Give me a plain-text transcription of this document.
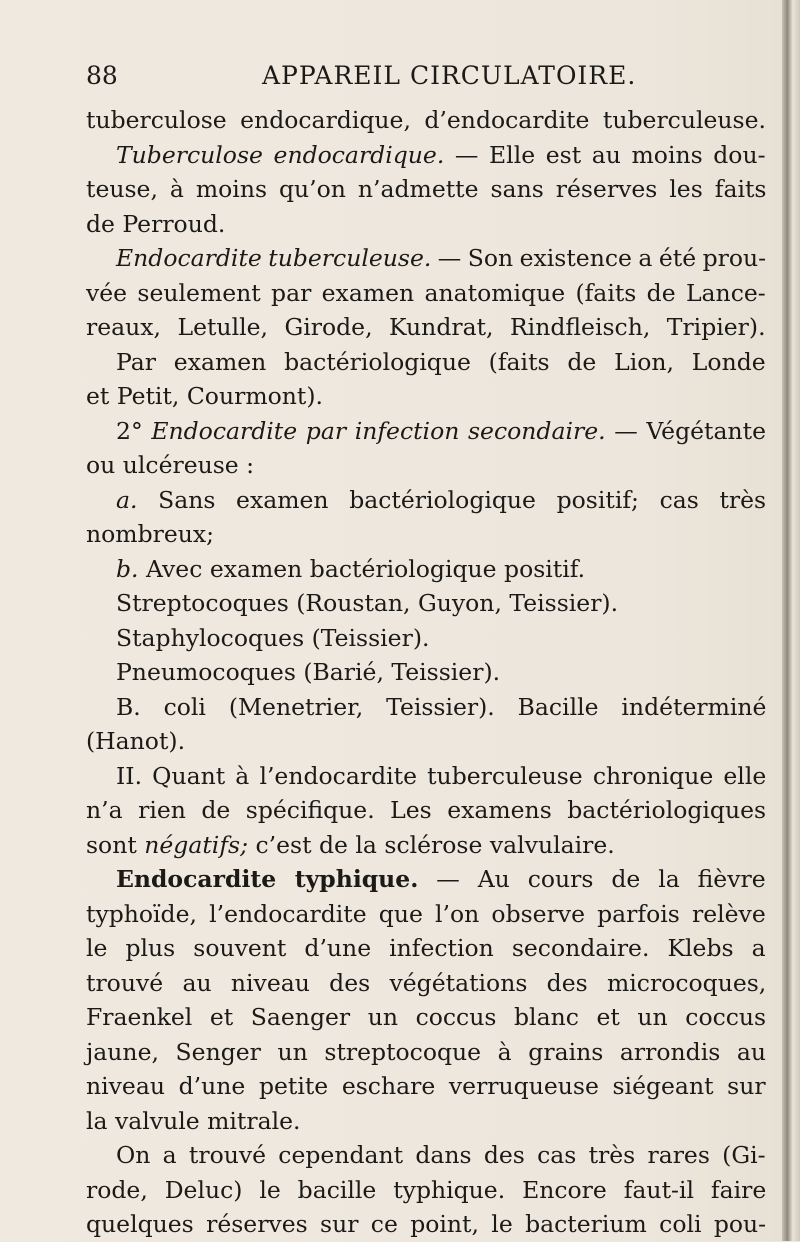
88	APPAREIL CIRCULATOIRE.
tuberculose endocardique, d’endocardite tuberculeuse.
Tuberculose endocardique. — Elle est au moins dou-
teuse, à moins qu’on n’admette sans réserves les faits
de Perroud.
Endocardite tuberculeuse. — Son existence a été prou-
vée seulement par examen anatomique (faits de Lance-
reaux, Letulle, Girode, Kundrat, Rindfleisch, Tripier).
Par examen bactériologique (faits de Lion, Londe
et Petit, Courmont).
2° Endocardite par infection secondaire. — Végétante
ou ulcéreuse :
a. Sans examen bactériologique positif; cas très
nombreux;
b. Avec examen bactériologique positif.
Streptocoques (Roustan, Guyon, Teissier).
Staphylocoques (Teissier).
Pneumocoques (Barié, Teissier).
B. coli (Menetrier, Teissier). Bacille indéterminé
(Hanot).
II. Quant à l’endocardite tuberculeuse chronique elle
n’a rien de spécifique. Les examens bactériologiques
sont négatifs; c’est de la sclérose valvulaire.
Endocardite typhique. — Au cours de la fièvre
typhoïde, l’endocardite que l’on observe parfois relève
le plus souvent d’une infection secondaire. Klebs a
trouvé au niveau des végétations des microcoques,
Fraenkel et Saenger un coccus blanc et un coccus
jaune, Senger un streptocoque à grains arrondis au
niveau d’une petite eschare verruqueuse siégeant sur
la valvule mitrale.
On a trouvé cependant dans des cas très rares (Gi-
rode, Deluc) le bacille typhique. Encore faut-il faire
quelques réserves sur ce point, le bacterium coli pou-
